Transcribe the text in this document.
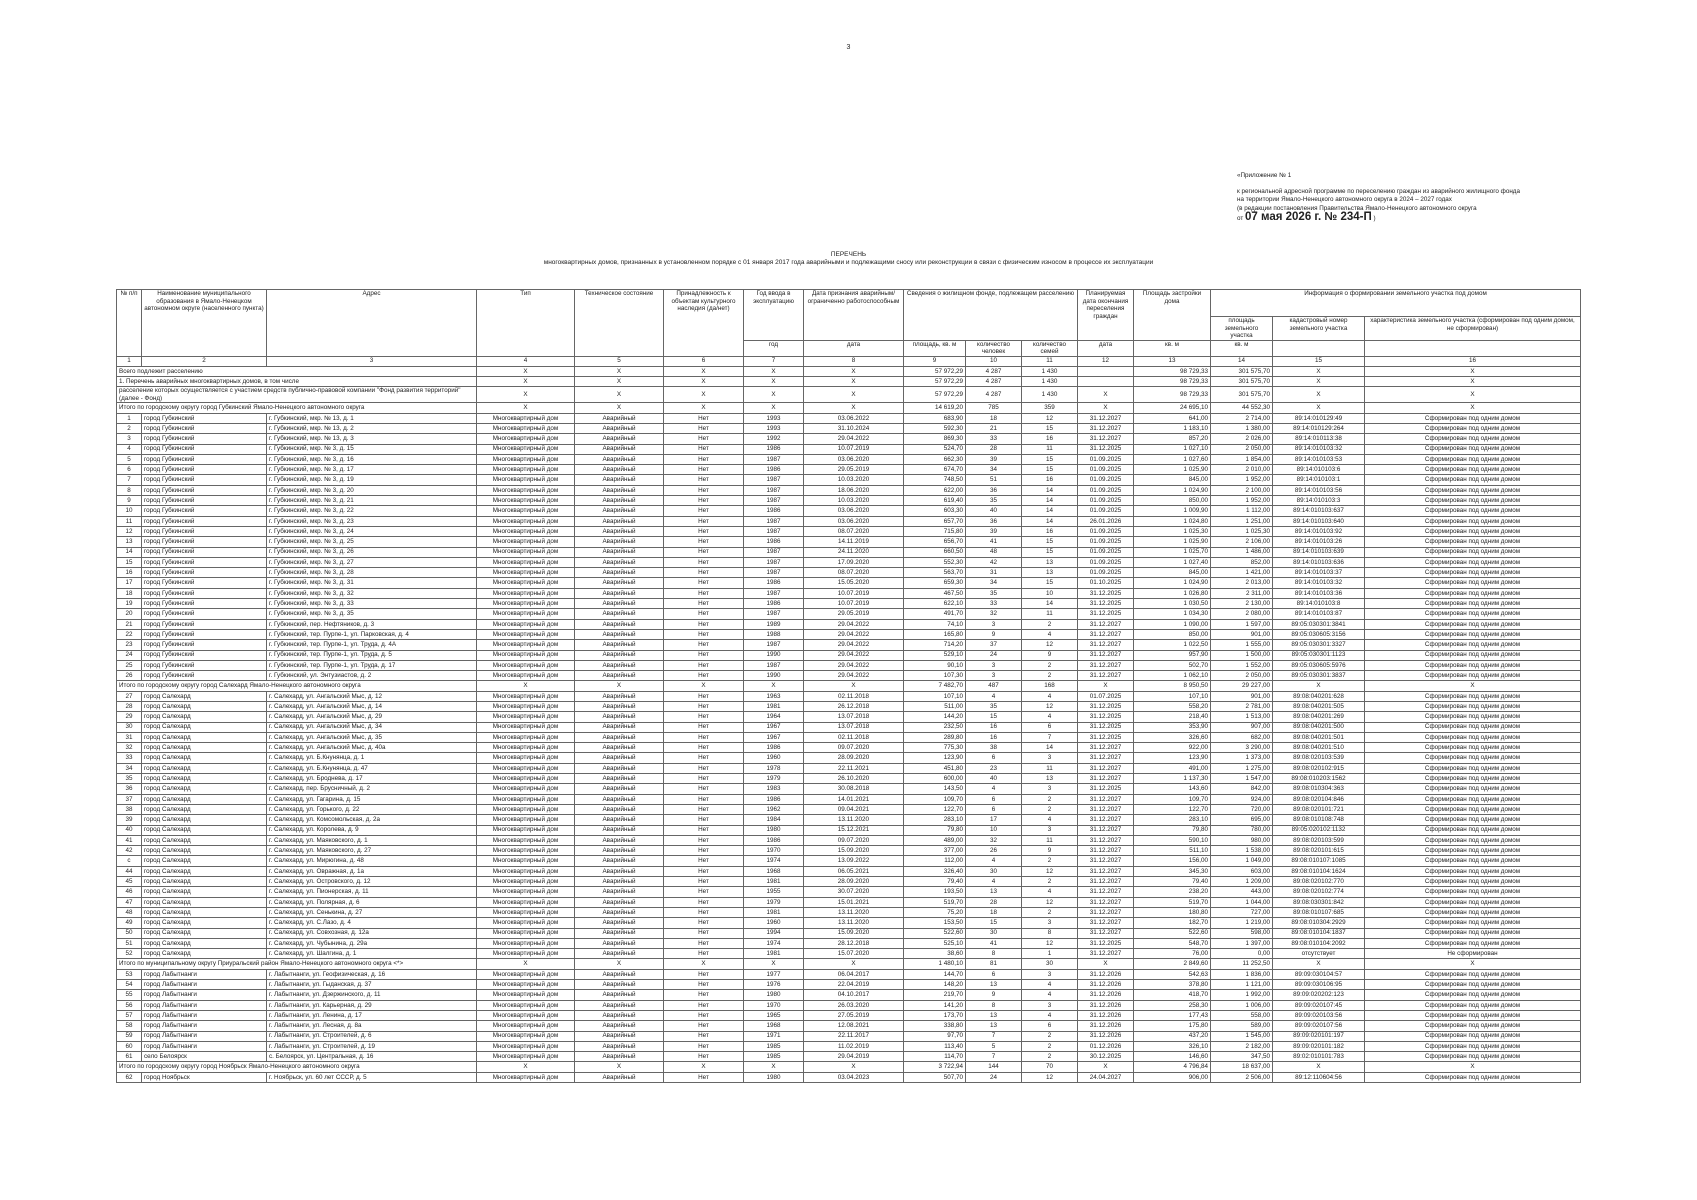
3
«Приложение № 1
к региональной адресной программе по переселению граждан из аварийного жилищного фонда на территории Ямало-Ненецкого автономного округа в 2024 – 2027 годах
(в редакции постановления Правительства Ямало-Ненецкого автономного округа
от 07 мая 2026 г. № 234-П )
ПЕРЕЧЕНЬ
многоквартирных домов, признанных в установленном порядке с 01 января 2017 года аварийными и подлежащими сносу или реконструкции в связи с физическим износом в процессе их эксплуатации
№ п/п	Наименование муниципального образования в Ямало-Ненецком автономном округе (населенного пункта)	Адрес	Тип	Техническое состояние	Принадлежность к объектам культурного наследия (да/нет)	Год ввода в эксплуатацию	Дата признания аварийным/ограниченно работоспособным	Сведения о жилищном фонде, подлежащем расселению			Планируемая дата окончания переселения граждан	Площадь застройки дома	Информация о формировании земельного участка под домом		
													площадь земельного участка	кадастровый номер земельного участка	характеристика земельного участка (сформирован под одним домом, не сформирован)
						год	дата	площадь, кв. м	количество человек	количество семей	дата	кв. м	кв. м		
1	2	3	4	5	6	7	8	9	10	11	12	13	14	15	16
Всего подлежит расселению			X	X	X	X	X	57 972,29	4 287	1 430		98 729,33	301 575,70	X	X
1. Перечень аварийных многоквартирных домов, в том числе			X	X	X	X	X	57 972,29	4 287	1 430		98 729,33	301 575,70	X	X
расселение которых осуществляется с участием средств публично-правовой компании "Фонд развития территорий" (далее - Фонд)			X	X	X	X	X	57 972,29	4 287	1 430	X	98 729,33	301 575,70	X	X
Итого по городскому округу город Губкинский Ямало-Ненецкого автономного округа			X	X	X	X	X	14 619,20	785	359	X	24 695,10	44 552,30	X	X
1	город Губкинский	г. Губкинский, мкр. № 13, д. 1	Многоквартирный дом	Аварийный	Нет	1993	03.06.2022	683,90	18	12	31.12.2027	641,00	2 714,00	89:14:010129:49	Сформирован под одним домом
2	город Губкинский	г. Губкинский, мкр. № 13, д. 2	Многоквартирный дом	Аварийный	Нет	1993	31.10.2024	592,30	21	15	31.12.2027	1 183,10	1 380,00	89:14:010129:264	Сформирован под одним домом
3	город Губкинский	г. Губкинский, мкр. № 13, д. 3	Многоквартирный дом	Аварийный	Нет	1992	29.04.2022	869,30	33	16	31.12.2027	857,20	2 026,00	89:14:010113:38	Сформирован под одним домом
4	город Губкинский	г. Губкинский, мкр. № 3, д. 15	Многоквартирный дом	Аварийный	Нет	1986	10.07.2019	524,70	28	11	31.12.2025	1 027,10	2 050,00	89:14:010103:32	Сформирован под одним домом
5	город Губкинский	г. Губкинский, мкр. № 3, д. 16	Многоквартирный дом	Аварийный	Нет	1987	03.06.2020	662,30	39	15	01.09.2025	1 027,60	1 854,00	89:14:010103:53	Сформирован под одним домом
6	город Губкинский	г. Губкинский, мкр. № 3, д. 17	Многоквартирный дом	Аварийный	Нет	1986	29.05.2019	674,70	34	15	01.09.2025	1 025,90	2 010,00	89:14:010103:6	Сформирован под одним домом
7	город Губкинский	г. Губкинский, мкр. № 3, д. 19	Многоквартирный дом	Аварийный	Нет	1987	10.03.2020	748,50	51	16	01.09.2025	845,00	1 952,00	89:14:010103:1	Сформирован под одним домом
8	город Губкинский	г. Губкинский, мкр. № 3, д. 20	Многоквартирный дом	Аварийный	Нет	1987	18.06.2020	622,00	36	14	01.09.2025	1 024,90	2 100,00	89:14:010103:56	Сформирован под одним домом
9	город Губкинский	г. Губкинский, мкр. № 3, д. 21	Многоквартирный дом	Аварийный	Нет	1987	10.03.2020	619,40	35	14	01.09.2025	850,00	1 952,00	89:14:010103:3	Сформирован под одним домом
10	город Губкинский	г. Губкинский, мкр. № 3, д. 22	Многоквартирный дом	Аварийный	Нет	1986	03.06.2020	603,30	40	14	01.09.2025	1 009,90	1 112,00	89:14:010103:637	Сформирован под одним домом
11	город Губкинский	г. Губкинский, мкр. № 3, д. 23	Многоквартирный дом	Аварийный	Нет	1987	03.06.2020	657,70	36	14	26.01.2026	1 024,80	1 251,00	89:14:010103:640	Сформирован под одним домом
12	город Губкинский	г. Губкинский, мкр. № 3, д. 24	Многоквартирный дом	Аварийный	Нет	1987	08.07.2020	715,80	39	16	01.09.2025	1 025,30	1 025,30	89:14:010103:92	Сформирован под одним домом
13	город Губкинский	г. Губкинский, мкр. № 3, д. 25	Многоквартирный дом	Аварийный	Нет	1986	14.11.2019	656,70	41	15	01.09.2025	1 025,90	2 106,00	89:14:010103:26	Сформирован под одним домом
14	город Губкинский	г. Губкинский, мкр. № 3, д. 26	Многоквартирный дом	Аварийный	Нет	1987	24.11.2020	660,50	48	15	01.09.2025	1 025,70	1 486,00	89:14:010103:639	Сформирован под одним домом
15	город Губкинский	г. Губкинский, мкр. № 3, д. 27	Многоквартирный дом	Аварийный	Нет	1987	17.09.2020	552,30	42	13	01.09.2025	1 027,40	852,00	89:14:010103:636	Сформирован под одним домом
16	город Губкинский	г. Губкинский, мкр. № 3, д. 28	Многоквартирный дом	Аварийный	Нет	1987	08.07.2020	563,70	31	13	01.09.2025	845,00	1 421,00	89:14:010103:37	Сформирован под одним домом
17	город Губкинский	г. Губкинский, мкр. № 3, д. 31	Многоквартирный дом	Аварийный	Нет	1986	15.05.2020	659,30	34	15	01.10.2025	1 024,90	2 013,00	89:14:010103:32	Сформирован под одним домом
18	город Губкинский	г. Губкинский, мкр. № 3, д. 32	Многоквартирный дом	Аварийный	Нет	1987	10.07.2019	467,50	35	10	31.12.2025	1 026,80	2 311,00	89:14:010103:36	Сформирован под одним домом
19	город Губкинский	г. Губкинский, мкр. № 3, д. 33	Многоквартирный дом	Аварийный	Нет	1986	10.07.2019	622,10	33	14	31.12.2025	1 030,50	2 130,00	89:14:010103:8	Сформирован под одним домом
20	город Губкинский	г. Губкинский, мкр. № 3, д. 35	Многоквартирный дом	Аварийный	Нет	1987	29.05.2019	491,70	32	11	31.12.2025	1 034,30	2 080,00	89:14:010103:87	Сформирован под одним домом
21	город Губкинский	г. Губкинский, пер. Нефтяников, д. 3	Многоквартирный дом	Аварийный	Нет	1989	29.04.2022	74,10	3	2	31.12.2027	1 090,00	1 597,00	89:05:030301:3841	Сформирован под одним домом
22	город Губкинский	г. Губкинский, тер. Пурпе-1, ул. Парковская, д. 4	Многоквартирный дом	Аварийный	Нет	1988	29.04.2022	165,80	9	4	31.12.2027	850,00	901,00	89:05:030605:3156	Сформирован под одним домом
23	город Губкинский	г. Губкинский, тер. Пурпе-1, ул. Труда, д. 4А	Многоквартирный дом	Аварийный	Нет	1987	29.04.2022	714,20	37	12	31.12.2027	1 022,50	1 555,00	89:05:030301:3327	Сформирован под одним домом
24	город Губкинский	г. Губкинский, тер. Пурпе-1, ул. Труда, д. 5	Многоквартирный дом	Аварийный	Нет	1990	29.04.2022	529,10	24	9	31.12.2027	957,90	1 500,00	89:05:030301:1123	Сформирован под одним домом
25	город Губкинский	г. Губкинский, тер. Пурпе-1, ул. Труда, д. 17	Многоквартирный дом	Аварийный	Нет	1987	29.04.2022	90,10	3	2	31.12.2027	502,70	1 552,00	89:05:030605:5976	Сформирован под одним домом
26	город Губкинский	г. Губкинский, ул. Энтузиастов, д. 2	Многоквартирный дом	Аварийный	Нет	1990	29.04.2022	107,30	3	2	31.12.2027	1 062,10	2 050,00	89:05:030301:3837	Сформирован под одним домом
Итого по городскому округу город Салехард Ямало-Ненецкого автономного округа			X	X	X	X	X	7 482,70	487	168	X	8 950,50	29 227,00	X	X
27	город Салехард	г. Салехард, ул. Ангальский Мыс, д. 12	Многоквартирный дом	Аварийный	Нет	1963	02.11.2018	107,10	4	4	01.07.2025	107,10	901,00	89:08:040201:628	Сформирован под одним домом
28	город Салехард	г. Салехард, ул. Ангальский Мыс, д. 14	Многоквартирный дом	Аварийный	Нет	1981	26.12.2018	511,00	35	12	31.12.2025	558,20	2 781,00	89:08:040201:505	Сформирован под одним домом
29	город Салехард	г. Салехард, ул. Ангальский Мыс, д. 29	Многоквартирный дом	Аварийный	Нет	1964	13.07.2018	144,20	15	4	31.12.2025	218,40	1 513,00	89:08:040201:269	Сформирован под одним домом
30	город Салехард	г. Салехард, ул. Ангальский Мыс, д. 34	Многоквартирный дом	Аварийный	Нет	1967	13.07.2018	232,50	16	6	31.12.2025	353,90	907,00	89:08:040201:500	Сформирован под одним домом
31	город Салехард	г. Салехард, ул. Ангальский Мыс, д. 35	Многоквартирный дом	Аварийный	Нет	1967	02.11.2018	289,80	16	7	31.12.2025	326,60	682,00	89:08:040201:501	Сформирован под одним домом
32	город Салехард	г. Салехард, ул. Ангальский Мыс, д. 40а	Многоквартирный дом	Аварийный	Нет	1986	09.07.2020	775,30	38	14	31.12.2027	922,00	3 290,00	89:08:040201:510	Сформирован под одним домом
33	город Салехард	г. Салехард, ул. Б.Кнунянца, д. 1	Многоквартирный дом	Аварийный	Нет	1960	28.09.2020	123,90	6	3	31.12.2027	123,90	1 373,00	89:08:020103:539	Сформирован под одним домом
34	город Салехард	г. Салехард, ул. Б.Кнунянца, д. 47	Многоквартирный дом	Аварийный	Нет	1978	22.11.2021	451,80	23	11	31.12.2027	491,00	1 275,00	89:08:020102:915	Сформирован под одним домом
35	город Салехард	г. Салехард, ул. Броднева, д. 17	Многоквартирный дом	Аварийный	Нет	1979	26.10.2020	600,00	40	13	31.12.2027	1 137,30	1 547,00	89:08:010203:1562	Сформирован под одним домом
36	город Салехард	г. Салехард, пер. Брусничный, д. 2	Многоквартирный дом	Аварийный	Нет	1983	30.08.2018	143,50	4	3	31.12.2025	143,60	842,00	89:08:010304:363	Сформирован под одним домом
37	город Салехард	г. Салехард, ул. Гагарина, д. 15	Многоквартирный дом	Аварийный	Нет	1986	14.01.2021	109,70	6	2	31.12.2027	109,70	924,00	89:08:020104:846	Сформирован под одним домом
38	город Салехард	г. Салехард, ул. Горького, д. 22	Многоквартирный дом	Аварийный	Нет	1962	09.04.2021	122,70	6	2	31.12.2027	122,70	720,00	89:08:020101:721	Сформирован под одним домом
39	город Салехард	г. Салехард, ул. Комсомольская, д. 2а	Многоквартирный дом	Аварийный	Нет	1984	13.11.2020	283,10	17	4	31.12.2027	283,10	695,00	89:08:010108:748	Сформирован под одним домом
40	город Салехард	г. Салехард, ул. Королева, д. 9	Многоквартирный дом	Аварийный	Нет	1980	15.12.2021	79,80	10	3	31.12.2027	79,80	780,00	89:05:020102:1132	Сформирован под одним домом
41	город Салехард	г. Салехард, ул. Маяковского, д. 1	Многоквартирный дом	Аварийный	Нет	1986	09.07.2020	489,00	32	11	31.12.2027	590,10	980,00	89:08:020103:599	Сформирован под одним домом
42	город Салехард	г. Салехард, ул. Маяковского, д. 27	Многоквартирный дом	Аварийный	Нет	1970	15.09.2020	377,00	26	9	31.12.2027	511,10	1 538,00	89:08:020101:615	Сформирован под одним домом
с	город Салехард	г. Салехард, ул. Мирюгина, д. 48	Многоквартирный дом	Аварийный	Нет	1974	13.09.2022	112,00	4	2	31.12.2027	156,00	1 049,00	89:08:010107:1085	Сформирован под одним домом
44	город Салехард	г. Салехард, ул. Овражная, д. 1а	Многоквартирный дом	Аварийный	Нет	1968	06.05.2021	326,40	30	12	31.12.2027	345,30	603,00	89:08:010104:1624	Сформирован под одним домом
45	город Салехард	г. Салехард, ул. Островского, д. 12	Многоквартирный дом	Аварийный	Нет	1981	28.09.2020	79,40	4	2	31.12.2027	79,40	1 209,00	89:08:020102:770	Сформирован под одним домом
46	город Салехард	г. Салехард, ул. Пионерская, д. 11	Многоквартирный дом	Аварийный	Нет	1955	30.07.2020	193,50	13	4	31.12.2027	238,20	443,00	89:08:020102:774	Сформирован под одним домом
47	город Салехард	г. Салехард, ул. Полярная, д. 6	Многоквартирный дом	Аварийный	Нет	1979	15.01.2021	519,70	28	12	31.12.2027	519,70	1 044,00	89:08:030301:842	Сформирован под одним домом
48	город Салехард	г. Салехард, ул. Сенькина, д. 27	Многоквартирный дом	Аварийный	Нет	1981	13.11.2020	75,20	18	2	31.12.2027	180,80	727,00	89:08:010107:685	Сформирован под одним домом
49	город Салехард	г. Салехард, ул. С.Лазо, д. 4	Многоквартирный дом	Аварийный	Нет	1960	13.11.2020	153,50	15	3	31.12.2027	182,70	1 219,00	89:08:010304:2929	Сформирован под одним домом
50	город Салехард	г. Салехард, ул. Совхозная, д. 12а	Многоквартирный дом	Аварийный	Нет	1994	15.09.2020	522,60	30	8	31.12.2027	522,60	598,00	89:08:010104:1837	Сформирован под одним домом
51	город Салехард	г. Салехард, ул. Чубынина, д. 29а	Многоквартирный дом	Аварийный	Нет	1974	28.12.2018	525,10	41	12	31.12.2025	548,70	1 397,00	89:08:010104:2092	Сформирован под одним домом
52	город Салехард	г. Салехард, ул. Шалгина, д. 1	Многоквартирный дом	Аварийный	Нет	1981	15.07.2020	38,60	8	1	31.12.2027	76,00	0,00	отсутствует	Не сформирован
Итого по муниципальному округу Приуральский район Ямало-Ненецкого автономного округа <*>			X	X	X	X	X	1 480,10	81	30	X	2 849,60	11 252,50	X	X
53	город Лабытнанги	г. Лабытнанги, ул. Геофизическая, д. 16	Многоквартирный дом	Аварийный	Нет	1977	06.04.2017	144,70	6	3	31.12.2026	542,63	1 836,00	89:09:030104:57	Сформирован под одним домом
54	город Лабытнанги	г. Лабытнанги, ул. Гыданская, д. 37	Многоквартирный дом	Аварийный	Нет	1976	22.04.2019	148,20	13	4	31.12.2026	378,80	1 121,00	89:09:030106:95	Сформирован под одним домом
55	город Лабытнанги	г. Лабытнанги, ул. Дзержинского, д. 11	Многоквартирный дом	Аварийный	Нет	1980	04.10.2017	219,70	9	4	31.12.2026	418,70	1 992,00	89:09:020202:123	Сформирован под одним домом
56	город Лабытнанги	г. Лабытнанги, ул. Карьерная, д. 29	Многоквартирный дом	Аварийный	Нет	1970	26.03.2020	141,20	8	3	31.12.2026	258,30	1 006,00	89:09:020107:45	Сформирован под одним домом
57	город Лабытнанги	г. Лабытнанги, ул. Ленина, д. 17	Многоквартирный дом	Аварийный	Нет	1965	27.05.2019	173,70	13	4	31.12.2026	177,43	558,00	89:09:020103:56	Сформирован под одним домом
58	город Лабытнанги	г. Лабытнанги, ул. Лесная, д. 8а	Многоквартирный дом	Аварийный	Нет	1968	12.08.2021	338,80	13	6	31.12.2026	175,80	589,00	89:09:020107:56	Сформирован под одним домом
59	город Лабытнанги	г. Лабытнанги, ул. Строителей, д. 6	Многоквартирный дом	Аварийный	Нет	1971	22.11.2017	97,70	7	2	31.12.2026	437,20	1 545,00	89:09:020101:197	Сформирован под одним домом
60	город Лабытнанги	г. Лабытнанги, ул. Строителей, д. 19	Многоквартирный дом	Аварийный	Нет	1985	11.02.2019	113,40	5	2	01.12.2026	326,10	2 182,00	89:09:020101:182	Сформирован под одним домом
61	село Белоярск	с. Белоярск, ул. Центральная, д. 16	Многоквартирный дом	Аварийный	Нет	1985	29.04.2019	114,70	7	2	30.12.2025	146,60	347,50	89:02:010101:783	Сформирован под одним домом
Итого по городскому округу город Ноябрьск Ямало-Ненецкого автономного округа			X	X	X	X	X	3 722,94	144	70	X	4 796,84	18 637,00	X	X
62	город Ноябрьск	г. Ноябрьск, ул. 60 лет СССР, д. 5	Многоквартирный дом	Аварийный	Нет	1980	03.04.2023	507,70	24	12	24.04.2027	906,00	2 506,00	89:12:110604:56	Сформирован под одним домом
